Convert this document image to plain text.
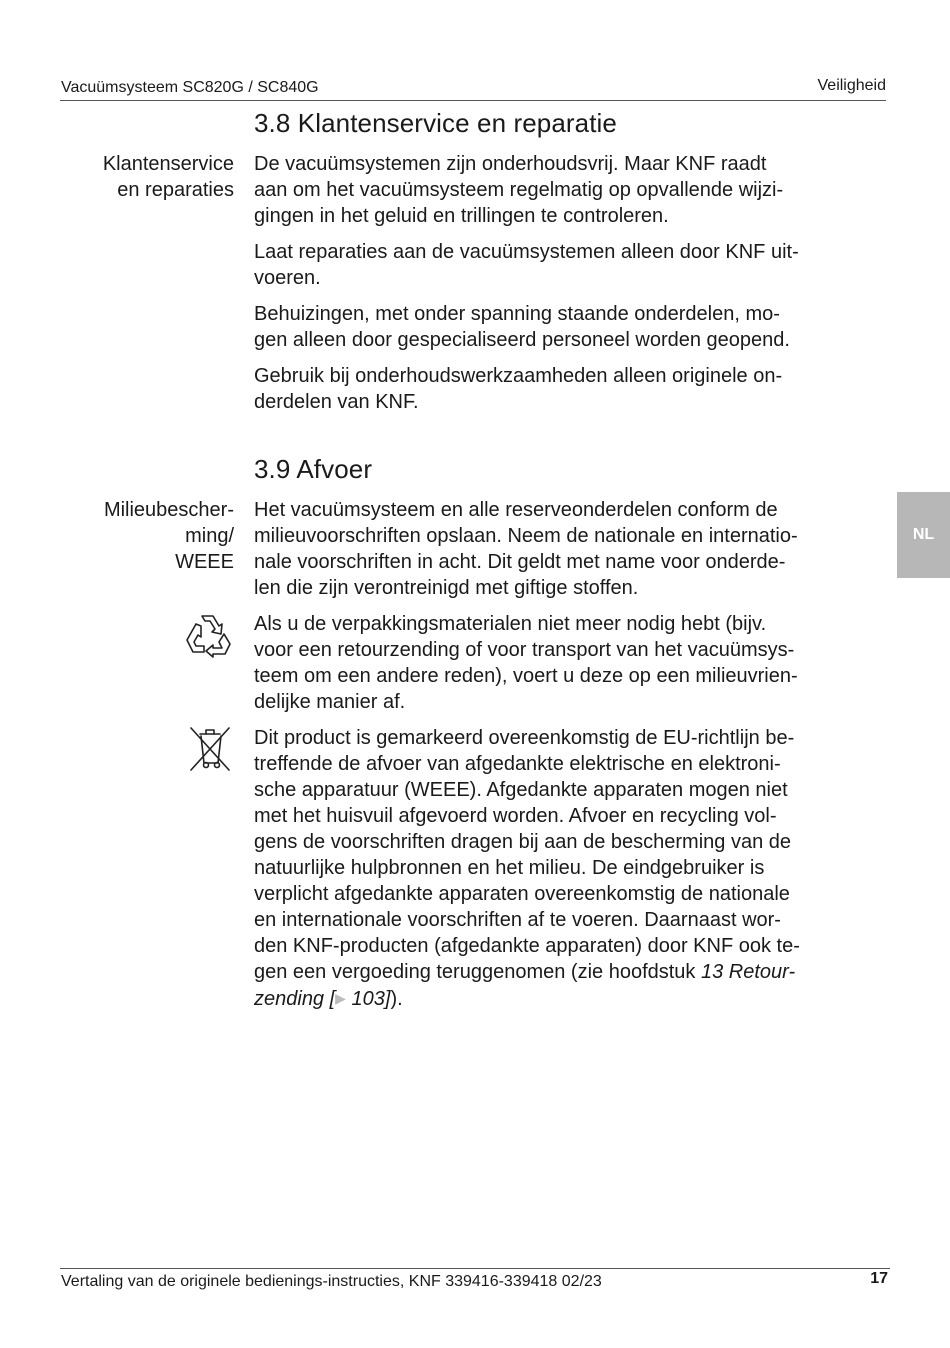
Vacuümsysteem SC820G / SC840G	Veiligheid
3.8 Klantenservice en reparatie
Klantenservice
en reparaties

De vacuümsystemen zijn onderhoudsvrij. Maar KNF raadt
aan om het vacuümsysteem regelmatig op opvallende wijzi-
gingen in het geluid en trillingen te controleren.

Laat reparaties aan de vacuümsystemen alleen door KNF uit-
voeren.

Behuizingen, met onder spanning staande onderdelen, mo-
gen alleen door gespecialiseerd personeel worden geopend.

Gebruik bij onderhoudswerkzaamheden alleen originele on-
derdelen van KNF.

3.9 Afvoer
Milieubescher-
ming/
WEEE
Het vacuümsysteem en alle reserveonderdelen conform de
milieuvoorschriften opslaan. Neem de nationale en internatio-
nale voorschriften in acht. Dit geldt met name voor onderde-
len die zijn verontreinigd met giftige stoffen.
Als u de verpakkingsmaterialen niet meer nodig hebt (bijv.
voor een retourzending of voor transport van het vacuümsys-
teem om een andere reden), voert u deze op een milieuvrien-
delijke manier af.
Dit product is gemarkeerd overeenkomstig de EU-richtlijn be-
treffende de afvoer van afgedankte elektrische en elektroni-
sche apparatuur (WEEE). Afgedankte apparaten mogen niet
met het huisvuil afgevoerd worden. Afvoer en recycling vol-
gens de voorschriften dragen bij aan de bescherming van de
natuurlijke hulpbronnen en het milieu. De eindgebruiker is
verplicht afgedankte apparaten overeenkomstig de nationale
en internationale voorschriften af te voeren. Daarnaast wor-
den KNF-producten (afgedankte apparaten) door KNF ook te-
gen een vergoeding teruggenomen (zie hoofdstuk 13 Retour-
zending [▶ 103]).
NL
Vertaling van de originele bedienings-instructies, KNF 339416-339418 02/23	17
